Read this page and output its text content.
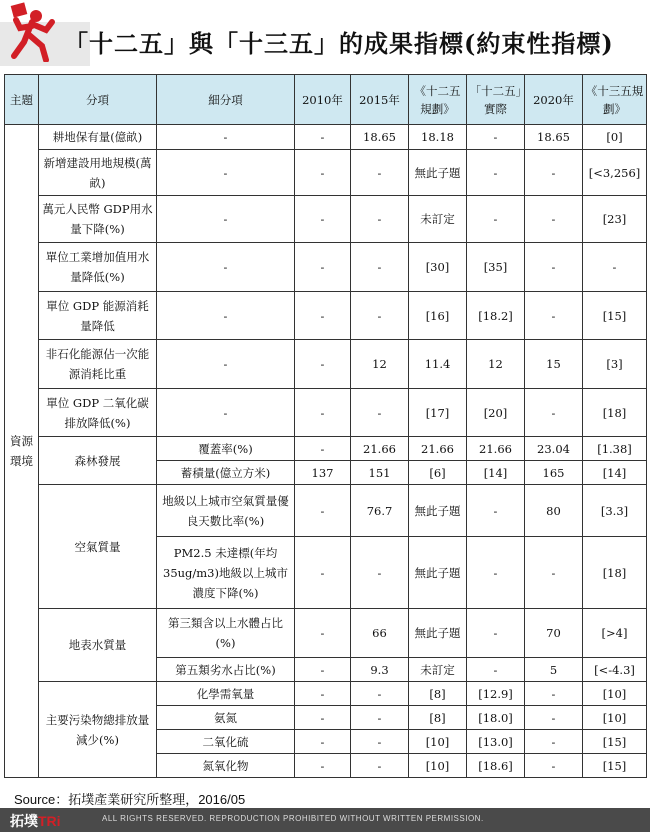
「十二五」與「十三五」的成果指標(約束性指標)
主題	分項	細分項	2010年	2015年	《十二五規劃》	「十二五」實際	2020年	《十三五規劃》
資源環境	耕地保有量(億畝)	-	-	18.65	18.18	-	18.65	[0]
	新增建設用地規模(萬畝)	-	-	-	無此子題	-	-	[<3,256]
	萬元人民幣 GDP用水量下降(%)	-	-	-	未訂定	-	-	[23]
	單位工業增加值用水量降低(%)	-	-	-	[30]	[35]	-	-
	單位 GDP 能源消耗量降低	-	-	-	[16]	[18.2]	-	[15]
	非石化能源佔一次能源消耗比重	-	-	12	11.4	12	15	[3]
	單位 GDP 二氧化碳排放降低(%)	-	-	-	[17]	[20]	-	[18]
	森林發展	覆蓋率(%)	-	21.66	21.66	21.66	23.04	[1.38]
		蓄積量(億立方米)	137	151	[6]	[14]	165	[14]
	空氣質量	地級以上城市空氣質量優良天數比率(%)	-	76.7	無此子題	-	80	[3.3]
		PM2.5 未達標(年均35ug/m3)地級以上城市濃度下降(%)	-	-	無此子題	-	-	[18]
	地表水質量	第三類含以上水體占比(%)	-	66	無此子題	-	70	[>4]
		第五類劣水占比(%)	-	9.3	未訂定	-	5	[<-4.3]
	主要污染物總排放量減少(%)	化學需氧量	-	-	[8]	[12.9]	-	[10]
		氨氮	-	-	[8]	[18.0]	-	[10]
		二氧化硫	-	-	[10]	[13.0]	-	[15]
		氮氧化物	-	-	[10]	[18.6]	-	[15]
Source：拓墣產業研究所整理，2016/05
拓墣TRi	ALL RIGHTS RESERVED. REPRODUCTION PROHIBITED WITHOUT WRITTEN PERMISSION.
